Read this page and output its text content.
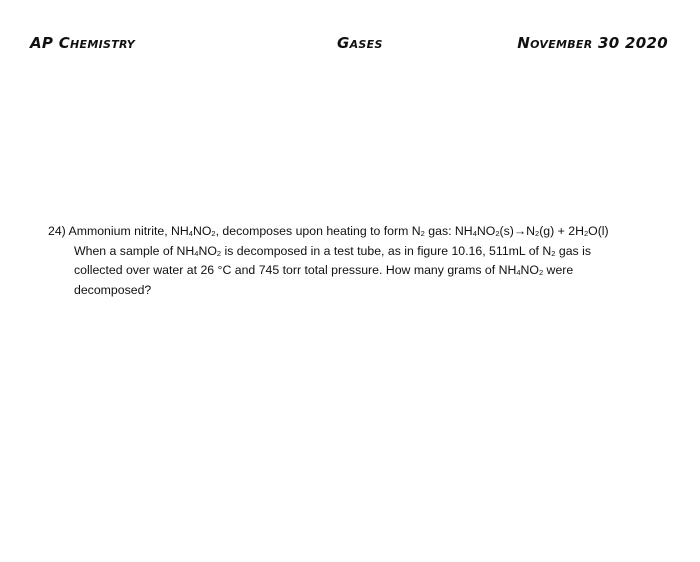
AP Chemistry	Gases	November 30 2020
24) Ammonium nitrite, $NH_4NO_2$, decomposes upon heating to form $N_2$ gas: $NH_4NO_2(s)\to N_2(g) + 2H_2O(l)$
When a sample of $NH_4NO_2$ is decomposed in a test tube, as in figure 10.16, 511mL of $N_2$ gas is
collected over water at 26 °C and 745 torr total pressure. How many grams of $NH_4NO_2$ were
decomposed?
